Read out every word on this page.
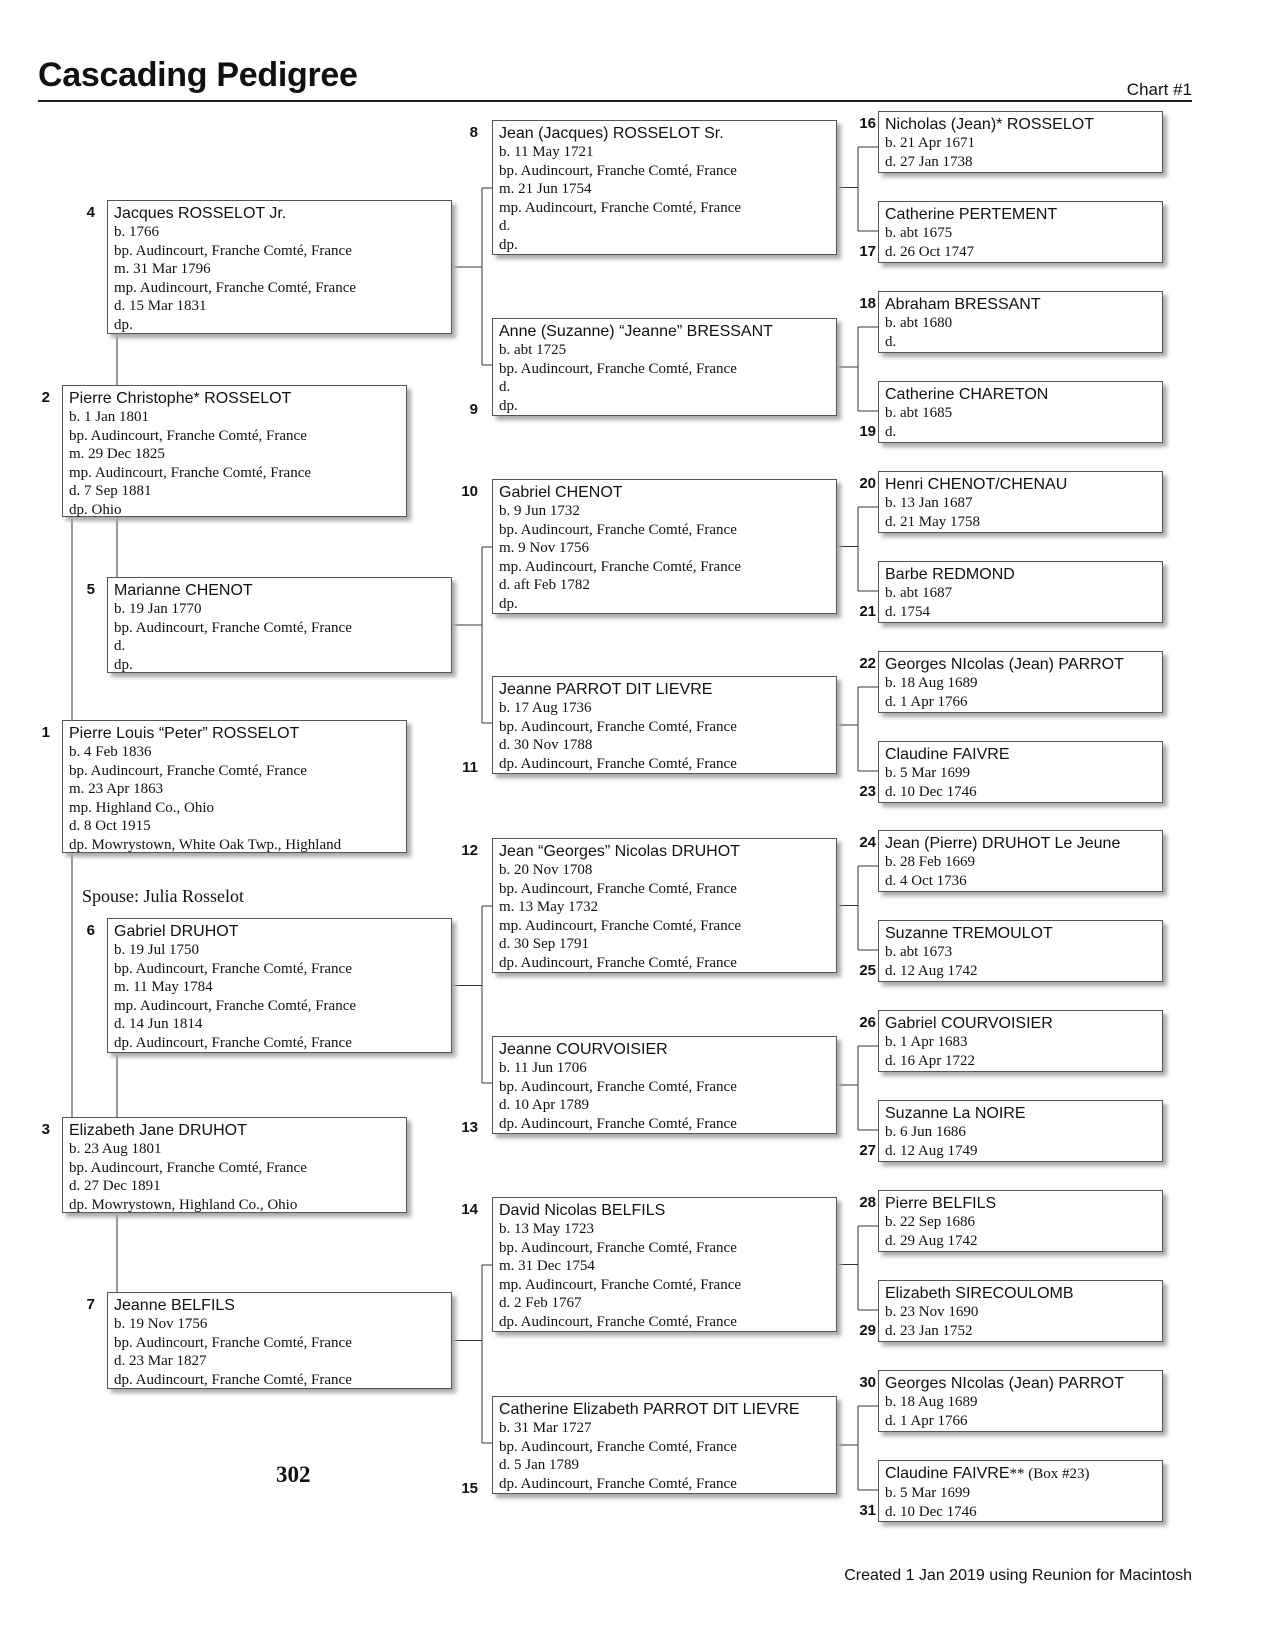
Cascading Pedigree	Chart #1
Pierre Louis “Peter” ROSSELOT
b. 4 Feb 1836
bp. Audincourt, Franche Comté, France
m. 23 Apr 1863
mp. Highland Co., Ohio
d. 8 Oct 1915
dp. Mowrystown, White Oak Twp., Highland
1
Pierre Christophe* ROSSELOT
b. 1 Jan 1801
bp. Audincourt, Franche Comté, France
m. 29 Dec 1825
mp. Audincourt, Franche Comté, France
d. 7 Sep 1881
dp. Ohio
2
Elizabeth Jane DRUHOT
b. 23 Aug 1801
bp. Audincourt, Franche Comté, France
d. 27 Dec 1891
dp. Mowrystown, Highland Co., Ohio
3
Jacques ROSSELOT Jr.
b. 1766
bp. Audincourt, Franche Comté, France
m. 31 Mar 1796
mp. Audincourt, Franche Comté, France
d. 15 Mar 1831
dp.
4
Marianne CHENOT
b. 19 Jan 1770
bp. Audincourt, Franche Comté, France
d.
dp.
5
Gabriel DRUHOT
b. 19 Jul 1750
bp. Audincourt, Franche Comté, France
m. 11 May 1784
mp. Audincourt, Franche Comté, France
d. 14 Jun 1814
dp. Audincourt, Franche Comté, France
6
Jeanne BELFILS
b. 19 Nov 1756
bp. Audincourt, Franche Comté, France
d. 23 Mar 1827
dp. Audincourt, Franche Comté, France
7
Jean (Jacques) ROSSELOT Sr.
b. 11 May 1721
bp. Audincourt, Franche Comté, France
m. 21 Jun 1754
mp. Audincourt, Franche Comté, France
d.
dp.
8
Anne (Suzanne) “Jeanne” BRESSANT
b. abt 1725
bp. Audincourt, Franche Comté, France
d.
dp.
9
Gabriel CHENOT
b. 9 Jun 1732
bp. Audincourt, Franche Comté, France
m. 9 Nov 1756
mp. Audincourt, Franche Comté, France
d. aft Feb 1782
dp.
10
Jeanne PARROT DIT LIEVRE
b. 17 Aug 1736
bp. Audincourt, Franche Comté, France
d. 30 Nov 1788
dp. Audincourt, Franche Comté, France
11
Jean “Georges” Nicolas DRUHOT
b. 20 Nov 1708
bp. Audincourt, Franche Comté, France
m. 13 May 1732
mp. Audincourt, Franche Comté, France
d. 30 Sep 1791
dp. Audincourt, Franche Comté, France
12
Jeanne COURVOISIER
b. 11 Jun 1706
bp. Audincourt, Franche Comté, France
d. 10 Apr 1789
dp. Audincourt, Franche Comté, France
13
David Nicolas BELFILS
b. 13 May 1723
bp. Audincourt, Franche Comté, France
m. 31 Dec 1754
mp. Audincourt, Franche Comté, France
d. 2 Feb 1767
dp. Audincourt, Franche Comté, France
14
Catherine Elizabeth PARROT DIT LIEVRE
b. 31 Mar 1727
bp. Audincourt, Franche Comté, France
d. 5 Jan 1789
dp. Audincourt, Franche Comté, France
15
Nicholas (Jean)* ROSSELOT
b. 21 Apr 1671
d. 27 Jan 1738
16
Catherine PERTEMENT
b. abt 1675
d. 26 Oct 1747
17
Abraham BRESSANT
b. abt 1680
d.
18
Catherine CHARETON
b. abt 1685
d.
19
Henri CHENOT/CHENAU
b. 13 Jan 1687
d. 21 May 1758
20
Barbe REDMOND
b. abt 1687
d. 1754
21
Georges NIcolas (Jean) PARROT
b. 18 Aug 1689
d. 1 Apr 1766
22
Claudine FAIVRE
b. 5 Mar 1699
d. 10 Dec 1746
23
Jean (Pierre) DRUHOT Le Jeune
b. 28 Feb 1669
d. 4 Oct 1736
24
Suzanne TREMOULOT
b. abt 1673
d. 12 Aug 1742
25
Gabriel COURVOISIER
b. 1 Apr 1683
d. 16 Apr 1722
26
Suzanne La NOIRE
b. 6 Jun 1686
d. 12 Aug 1749
27
Pierre BELFILS
b. 22 Sep 1686
d. 29 Aug 1742
28
Elizabeth SIRECOULOMB
b. 23 Nov 1690
d. 23 Jan 1752
29
Georges NIcolas (Jean) PARROT
b. 18 Aug 1689
d. 1 Apr 1766
30
Claudine FAIVRE** (Box #23)
b. 5 Mar 1699
d. 10 Dec 1746
31
Spouse: Julia Rosselot
302
Created 1 Jan 2019 using Reunion for Macintosh
